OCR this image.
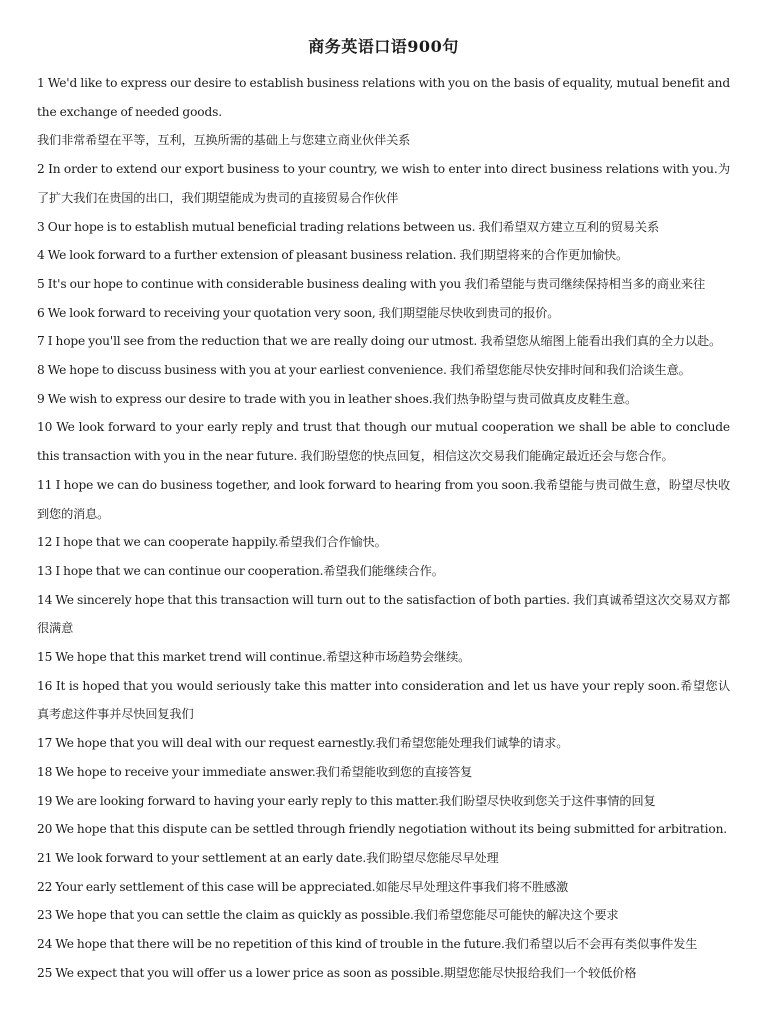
商务英语口语900句

1 We'd like to express our desire to establish business relations with you on the basis of equality, mutual benefit and the exchange of needed goods.

我们非常希望在平等，互利，互换所需的基础上与您建立商业伙伴关系

2 In order to extend our export business to your country, we wish to enter into direct business relations with you.为了扩大我们在贵国的出口，我们期望能成为贵司的直接贸易合作伙伴

3 Our hope is to establish mutual beneficial trading relations between us. 我们希望双方建立互利的贸易关系

4 We look forward to a further extension of pleasant business relation. 我们期望将来的合作更加愉快。

5 It's our hope to continue with considerable business dealing with you 我们希望能与贵司继续保持相当多的商业来往

6 We look forward to receiving your quotation very soon, 我们期望能尽快收到贵司的报价。

7 I hope you'll see from the reduction that we are really doing our utmost. 我希望您从缩图上能看出我们真的全力以赴。

8 We hope to discuss business with you at your earliest convenience. 我们希望您能尽快安排时间和我们洽谈生意。

9 We wish to express our desire to trade with you in leather shoes.我们热争盼望与贵司做真皮皮鞋生意。

10 We look forward to your early reply and trust that though our mutual cooperation we shall be able to conclude this transaction with you in the near future. 我们盼望您的快点回复，相信这次交易我们能确定最近还会与您合作。

11 I hope we can do business together, and look forward to hearing from you soon.我希望能与贵司做生意，盼望尽快收到您的消息。

12 I hope that we can cooperate happily.希望我们合作愉快。

13 I hope that we can continue our cooperation.希望我们能继续合作。

14 We sincerely hope that this transaction will turn out to the satisfaction of both parties. 我们真诚希望这次交易双方都很满意

15 We hope that this market trend will continue.希望这种市场趋势会继续。

16 It is hoped that you would seriously take this matter into consideration and let us have your reply soon.希望您认真考虑这件事并尽快回复我们

17 We hope that you will deal with our request earnestly.我们希望您能处理我们诚挚的请求。

18 We hope to receive your immediate answer.我们希望能收到您的直接答复

19 We are looking forward to having your early reply to this matter.我们盼望尽快收到您关于这件事情的回复

20 We hope that this dispute can be settled through friendly negotiation without its being submitted for arbitration.

21 We look forward to your settlement at an early date.我们盼望尽您能尽早处理

22 Your early settlement of this case will be appreciated.如能尽早处理这件事我们将不胜感激

23 We hope that you can settle the claim as quickly as possible.我们希望您能尽可能快的解决这个要求

24 We hope that there will be no repetition of this kind of trouble in the future.我们希望以后不会再有类似事件发生

25 We expect that you will offer us a lower price as soon as possible.期望您能尽快报给我们一个较低价格
